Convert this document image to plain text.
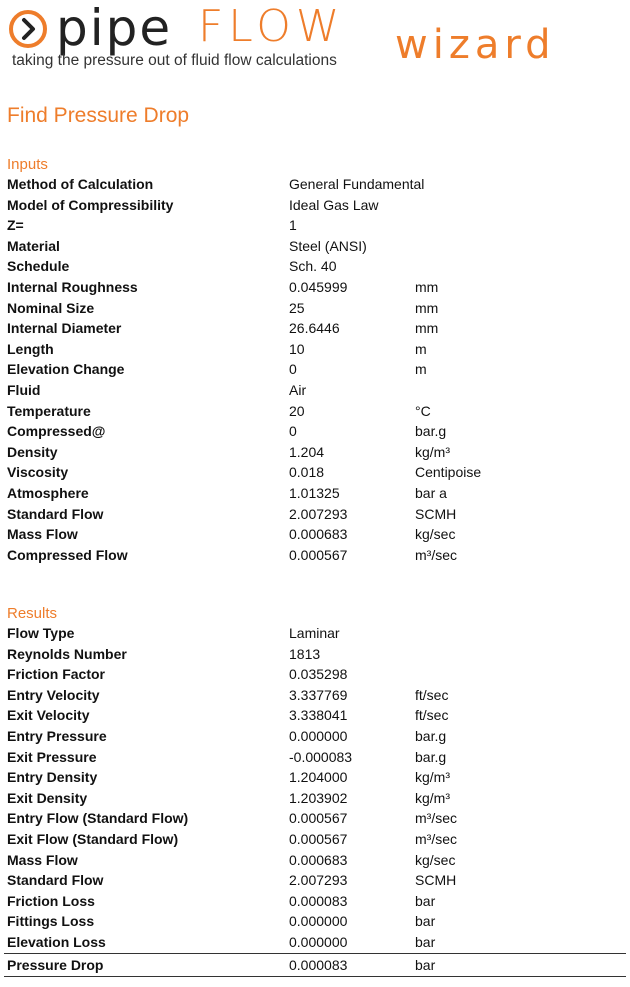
pipe FLOW wizard
taking the pressure out of fluid flow calculations
Find Pressure Drop
Inputs
Method of Calculation	General Fundamental
Model of Compressibility	Ideal Gas Law
Z=	1
Material	Steel (ANSI)
Schedule	Sch. 40
Internal Roughness	0.045999	mm
Nominal Size	25	mm
Internal Diameter	26.6446	mm
Length	10	m
Elevation Change	0	m
Fluid	Air
Temperature	20	°C
Compressed@	0	bar.g
Density	1.204	kg/m³
Viscosity	0.018	Centipoise
Atmosphere	1.01325	bar a
Standard Flow	2.007293	SCMH
Mass Flow	0.000683	kg/sec
Compressed Flow	0.000567	m³/sec
Results
Flow Type	Laminar
Reynolds Number	1813
Friction Factor	0.035298
Entry Velocity	3.337769	ft/sec
Exit Velocity	3.338041	ft/sec
Entry Pressure	0.000000	bar.g
Exit Pressure	-0.000083	bar.g
Entry Density	1.204000	kg/m³
Exit Density	1.203902	kg/m³
Entry Flow (Standard Flow)	0.000567	m³/sec
Exit Flow (Standard Flow)	0.000567	m³/sec
Mass Flow	0.000683	kg/sec
Standard Flow	2.007293	SCMH
Friction Loss	0.000083	bar
Fittings Loss	0.000000	bar
Elevation Loss	0.000000	bar
Pressure Drop	0.000083	bar
